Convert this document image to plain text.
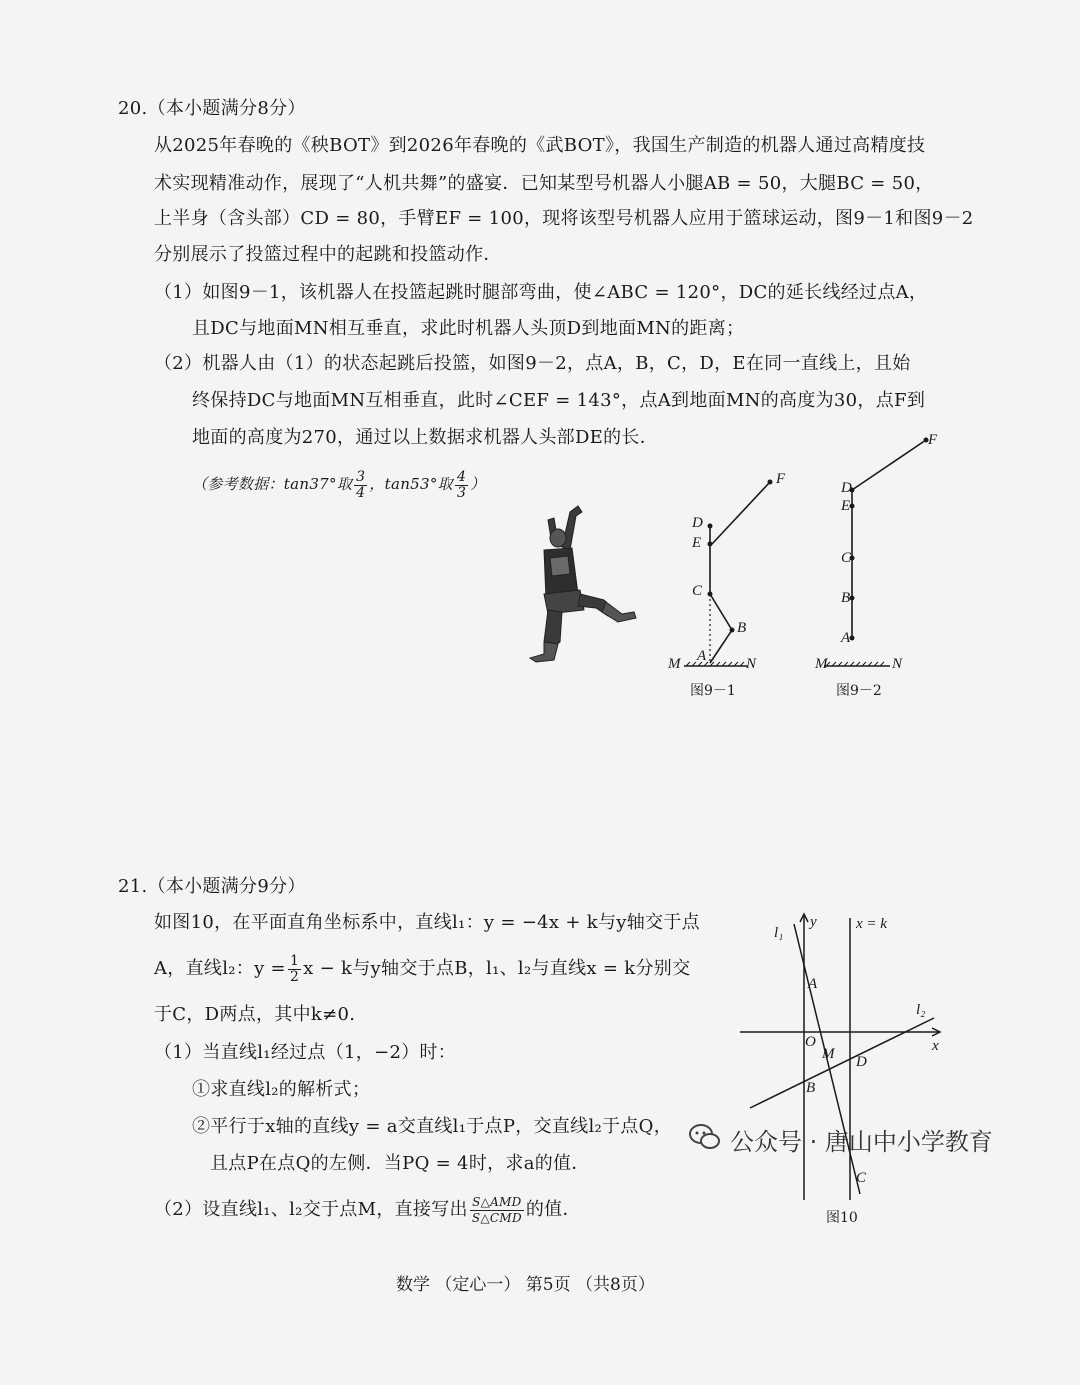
20.（本小题满分8分）
从2025年春晚的《秧BOT》到2026年春晚的《武BOT》，我国生产制造的机器人通过高精度技
术实现精准动作，展现了“人机共舞”的盛宴．已知某型号机器人小腿AB = 50，大腿BC = 50，
上半身（含头部）CD = 80，手臂EF = 100，现将该型号机器人应用于篮球运动，图9－1和图9－2
分别展示了投篮过程中的起跳和投篮动作．
（1）如图9－1，该机器人在投篮起跳时腿部弯曲，使∠ABC = 120°，DC的延长线经过点A，
且DC与地面MN相互垂直，求此时机器人头顶D到地面MN的距离；
（2）机器人由（1）的状态起跳后投篮，如图9－2，点A，B，C，D，E在同一直线上，且始
终保持DC与地面MN互相垂直，此时∠CEF = 143°，点A到地面MN的高度为30，点F到
地面的高度为270，通过以上数据求机器人头部DE的长．
（参考数据：tan37°取 $\frac{3}{4}$ ，tan53°取 $\frac{4}{3}$ ）
D
E
C
B
A
F
M	N
图9－1
D
E
C
B
A
F
M	N
图9－2
21.（本小题满分9分）
如图10，在平面直角坐标系中，直线l₁：y = −4x + k与y轴交于点
A，直线l₂：$y = \frac{1}{2}$ x − k与y轴交于点B，l₁、l₂与直线x = k分别交
于C，D两点，其中k≠0.
（1）当直线l₁经过点（1，−2）时：
①求直线l₂的解析式；
②平行于x轴的直线y = a交直线l₁于点P，交直线l₂于点Q，
且点P在点Q的左侧．当PQ = 4时，求a的值．
（2）设直线l₁、l₂交于点M，直接写出 $\frac{\text{S△AMD}}{\text{S△CMD}}$ 的值．
l₁
y	x = k
l₂
x
A
O
M D
B
C
图10
数学 （定心一） 第5页 （共8页）
公众号 · 唐山中小学教育
